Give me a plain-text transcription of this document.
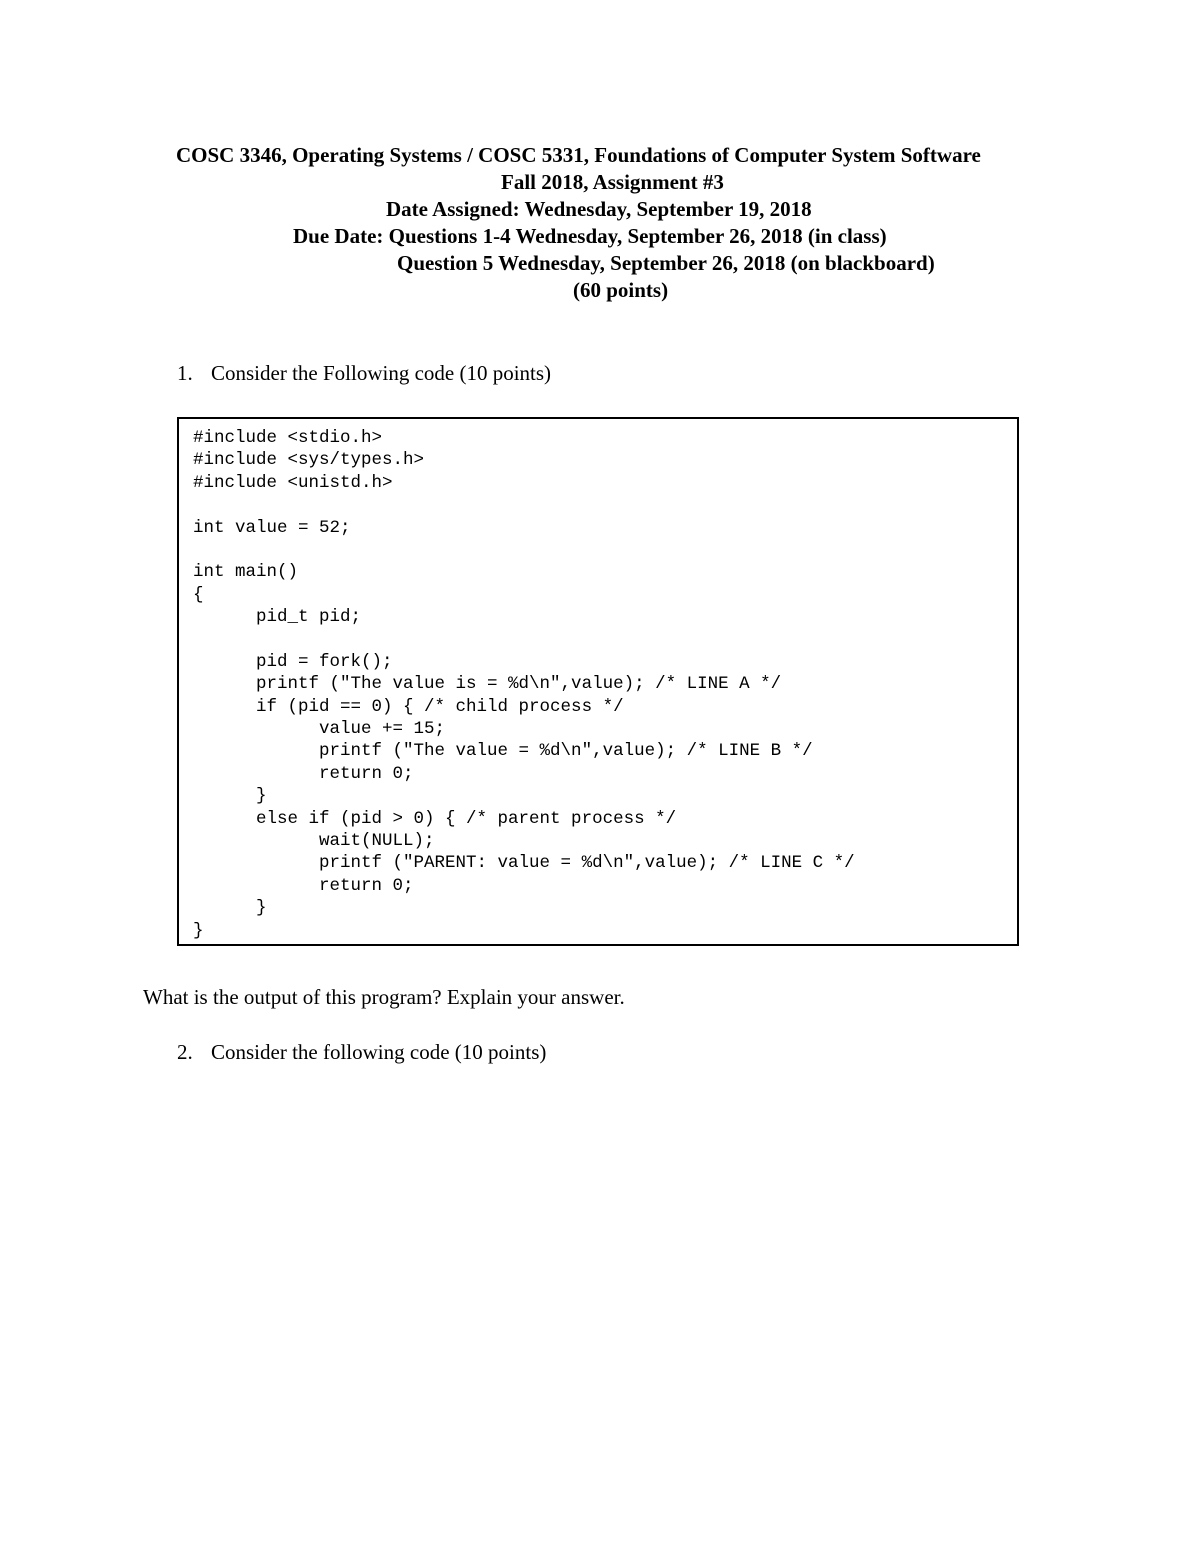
COSC 3346, Operating Systems / COSC 5331, Foundations of Computer System Software
Fall 2018, Assignment #3
Date Assigned: Wednesday, September 19, 2018
Due Date: Questions 1-4 Wednesday, September 26, 2018 (in class)
Question 5 Wednesday, September 26, 2018 (on blackboard)
(60 points)
1. Consider the Following code (10 points)
#include <stdio.h>
#include <sys/types.h>
#include <unistd.h>
int value = 52;
int main()
{
pid_t pid;
pid = fork();
printf ("The value is = %d\n",value); /* LINE A */
if (pid == 0) { /* child process */
value += 15;
printf ("The value = %d\n",value); /* LINE B */
return 0;
}
else if (pid > 0) { /* parent process */
wait(NULL);
printf ("PARENT: value = %d\n",value); /* LINE C */
return 0;
}
}
What is the output of this program? Explain your answer.
2. Consider the following code (10 points)
